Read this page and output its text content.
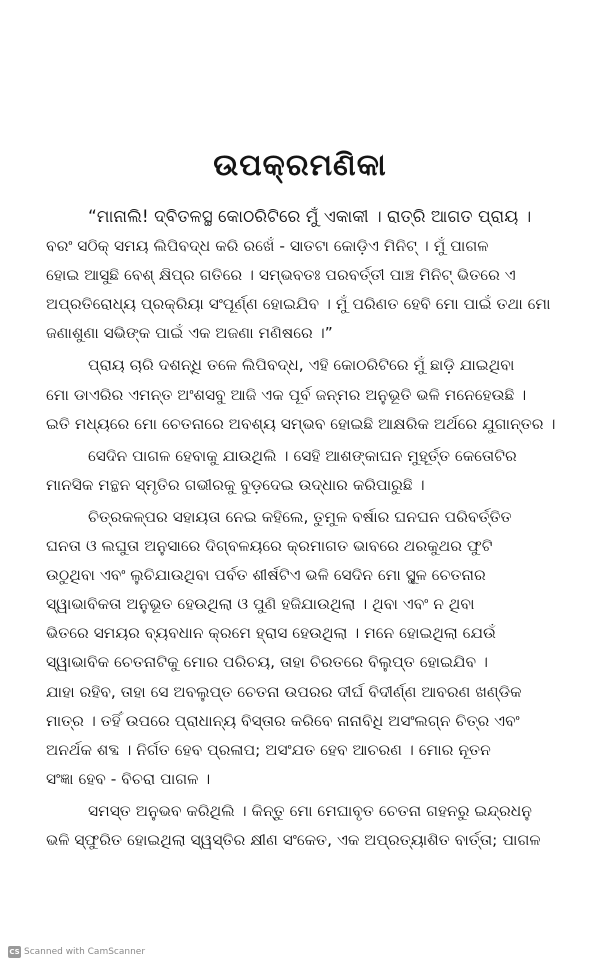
ଉପକ୍ରମଣିକା
“ମାନାଲି! ଦ୍ବିତଳସ୍ଥ କୋଠରିଟିରେ ମୁଁ ଏକାକୀ । ରାତ୍ରି ଆଗତ ପ୍ରାୟ ।
ବରଂ ସଠିକ୍ ସମୟ ଲିପିବଦ୍ଧ କରି ରଖେଁ - ସାତଟା କୋଡ଼ିଏ ମିନିଟ୍ । ମୁଁ ପାଗଳ
ହୋଇ ଆସୁଛି ବେଶ୍ କ୍ଷିପ୍ର ଗତିରେ । ସମ୍ଭବତଃ ପରବର୍ତ୍ତୀ ପାଞ୍ଚ ମିନିଟ୍ ଭିତରେ ଏ
ଅପ୍ରତିରୋଧ୍ୟ ପ୍ରକ୍ରିୟା ସଂପୂର୍ଣ୍ଣ ହୋଇଯିବ । ମୁଁ ପରିଣତ ହେବି ମୋ ପାଇଁ ତଥା ମୋ
ଜଣାଶୁଣା ସଭିଙ୍କ ପାଇଁ ଏକ ଅଜଣା ମଣିଷରେ ।”
ପ୍ରାୟ ଚାରି ଦଶନ୍ଧି ତଳେ ଲିପିବଦ୍ଧ, ଏହି କୋଠରିଟିରେ ମୁଁ ଛାଡ଼ି ଯାଇଥିବା
ମୋ ଡାଏରିର ଏମନ୍ତ ଅଂଶସବୁ ଆଜି ଏକ ପୂର୍ବ ଜନ୍ମର ଅନୁଭୂତି ଭଳି ମନେହେଉଛି ।
ଇତି ମଧ୍ୟରେ ମୋ ଚେତନାରେ ଅବଶ୍ୟ ସମ୍ଭବ ହୋଇଛି ଆକ୍ଷରିକ ଅର୍ଥରେ ଯୁଗାନ୍ତର ।
ସେଦିନ ପାଗଳ ହେବାକୁ ଯାଉଥିଲି । ସେହି ଆଶଙ୍କାଘନ ମୁହୂର୍ତ୍ତ କେତୋଟିର
ମାନସିକ ମନ୍ଥନ ସ୍ମୃତିର ଗଭୀରକୁ ବୁଡ଼ଦେଇ ଉଦ୍ଧାର କରିପାରୁଛି ।
ଚିତ୍ରକଳ୍ପର ସହାୟତା ନେଇ କହିଲେ, ତୁମୁଳ ବର୍ଷାର ଘନଘନ ପରିବର୍ତ୍ତିତ
ଘନତା ଓ ଲଘୁତା ଅନୁସାରେ ଦିଗ୍‌ବଳୟରେ କ୍ରମାଗତ ଭାବରେ ଥରକୁଥର ଫୁଟି
ଉଠୁଥିବା ଏବଂ ଲୁଚିଯାଉଥିବା ପର୍ବତ ଶୀର୍ଷଟିଏ ଭଳି ସେଦିନ ମୋ ସ୍ଥୂଳ ଚେତନାର
ସ୍ୱାଭାବିକତା ଅନୁଭୂତ ହେଉଥିଲା ଓ ପୁଣି ହଜିଯାଉଥିଲା । ଥିବା ଏବଂ ନ ଥିବା
ଭିତରେ ସମୟର ବ୍ୟବଧାନ କ୍ରମେ ହ୍ରାସ ହେଉଥିଲା । ମନେ ହୋଇଥିଲା ଯେଉଁ
ସ୍ୱାଭାବିକ ଚେତନାଟିକୁ ମୋର ପରିଚୟ, ତାହା ଚିରତରେ ବିଲୁପ୍ତ ହୋଇଯିବ ।
ଯାହା ରହିବ, ତାହା ସେ ଅବଲୁପ୍ତ ଚେତନା ଉପରର ଦୀର୍ଘ ବିଦୀର୍ଣ୍ଣ ଆବରଣ ଖଣ୍ଡିକ
ମାତ୍ର । ତହିଁ ଉପରେ ପ୍ରାଧାନ୍ୟ ବିସ୍ତାର କରିବେ ନାନାବିଧି ଅସଂଲଗ୍ନ ଚିତ୍ର ଏବଂ
ଅନର୍ଥକ ଶବ୍ଦ । ନିର୍ଗତ ହେବ ପ୍ରଳାପ; ଅସଂଯତ ହେବ ଆଚରଣ । ମୋର ନୂତନ
ସଂଜ୍ଞା ହେବ - ବିଚରା ପାଗଳ ।
ସମସ୍ତ ଅନୁଭବ କରିଥିଲି । କିନ୍ତୁ ମୋ ମେଘାବୃତ ଚେତନା ଗହନରୁ ଇନ୍ଦ୍ରଧନୁ
ଭଳି ସ୍ଫୁରିତ ହୋଇଥିଲା ସ୍ୱସ୍ତିର କ୍ଷୀଣ ସଂକେତ, ଏକ ଅପ୍ରତ୍ୟାଶିତ ବାର୍ତ୍ତା; ପାଗଳ
CS Scanned with CamScanner
